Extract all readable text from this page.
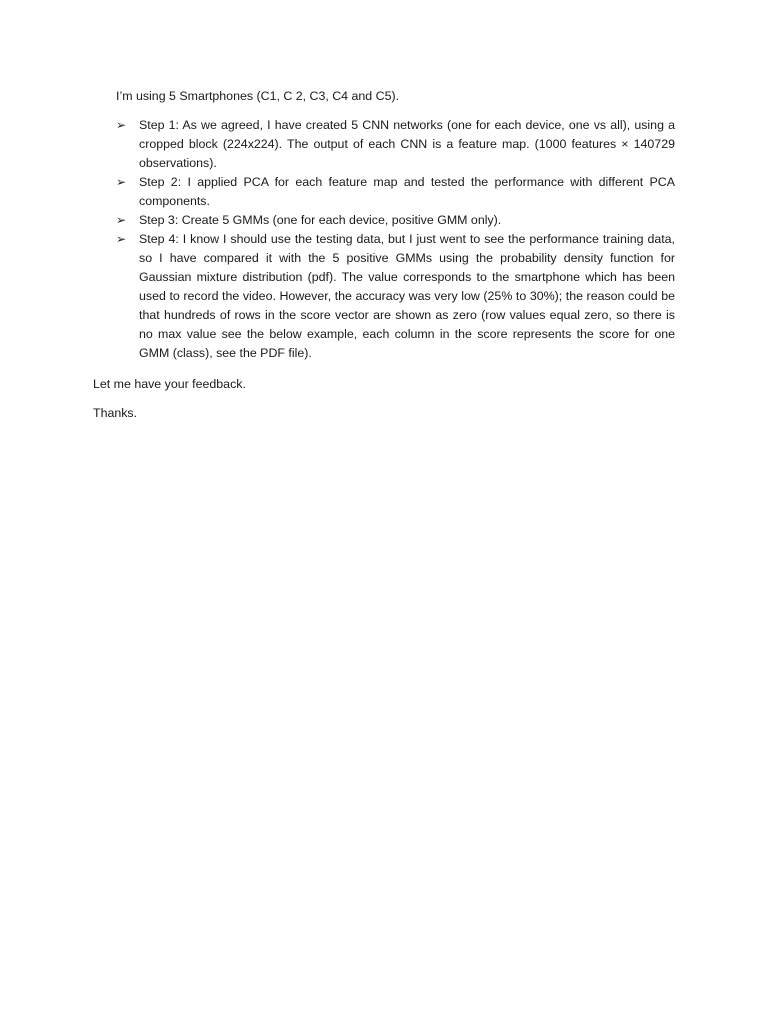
I’m using 5 Smartphones (C1, C 2, C3, C4 and C5).

➢	Step 1: As we agreed, I have created 5 CNN networks (one for each device, one vs all), using a cropped block (224x224). The output of each CNN is a feature map. (1000 features × 140729 observations).
➢	Step 2: I applied PCA for each feature map and tested the performance with different PCA components.
➢	Step 3: Create 5 GMMs (one for each device, positive GMM only).
➢	Step 4: I know I should use the testing data, but I just went to see the performance training data, so I have compared it with the 5 positive GMMs using the probability density function for Gaussian mixture distribution (pdf). The value corresponds to the smartphone which has been used to record the video. However, the accuracy was very low (25% to 30%); the reason could be that hundreds of rows in the score vector are shown as zero (row values equal zero, so there is no max value see the below example, each column in the score represents the score for one GMM (class), see the PDF file).

Let me have your feedback.

Thanks.
